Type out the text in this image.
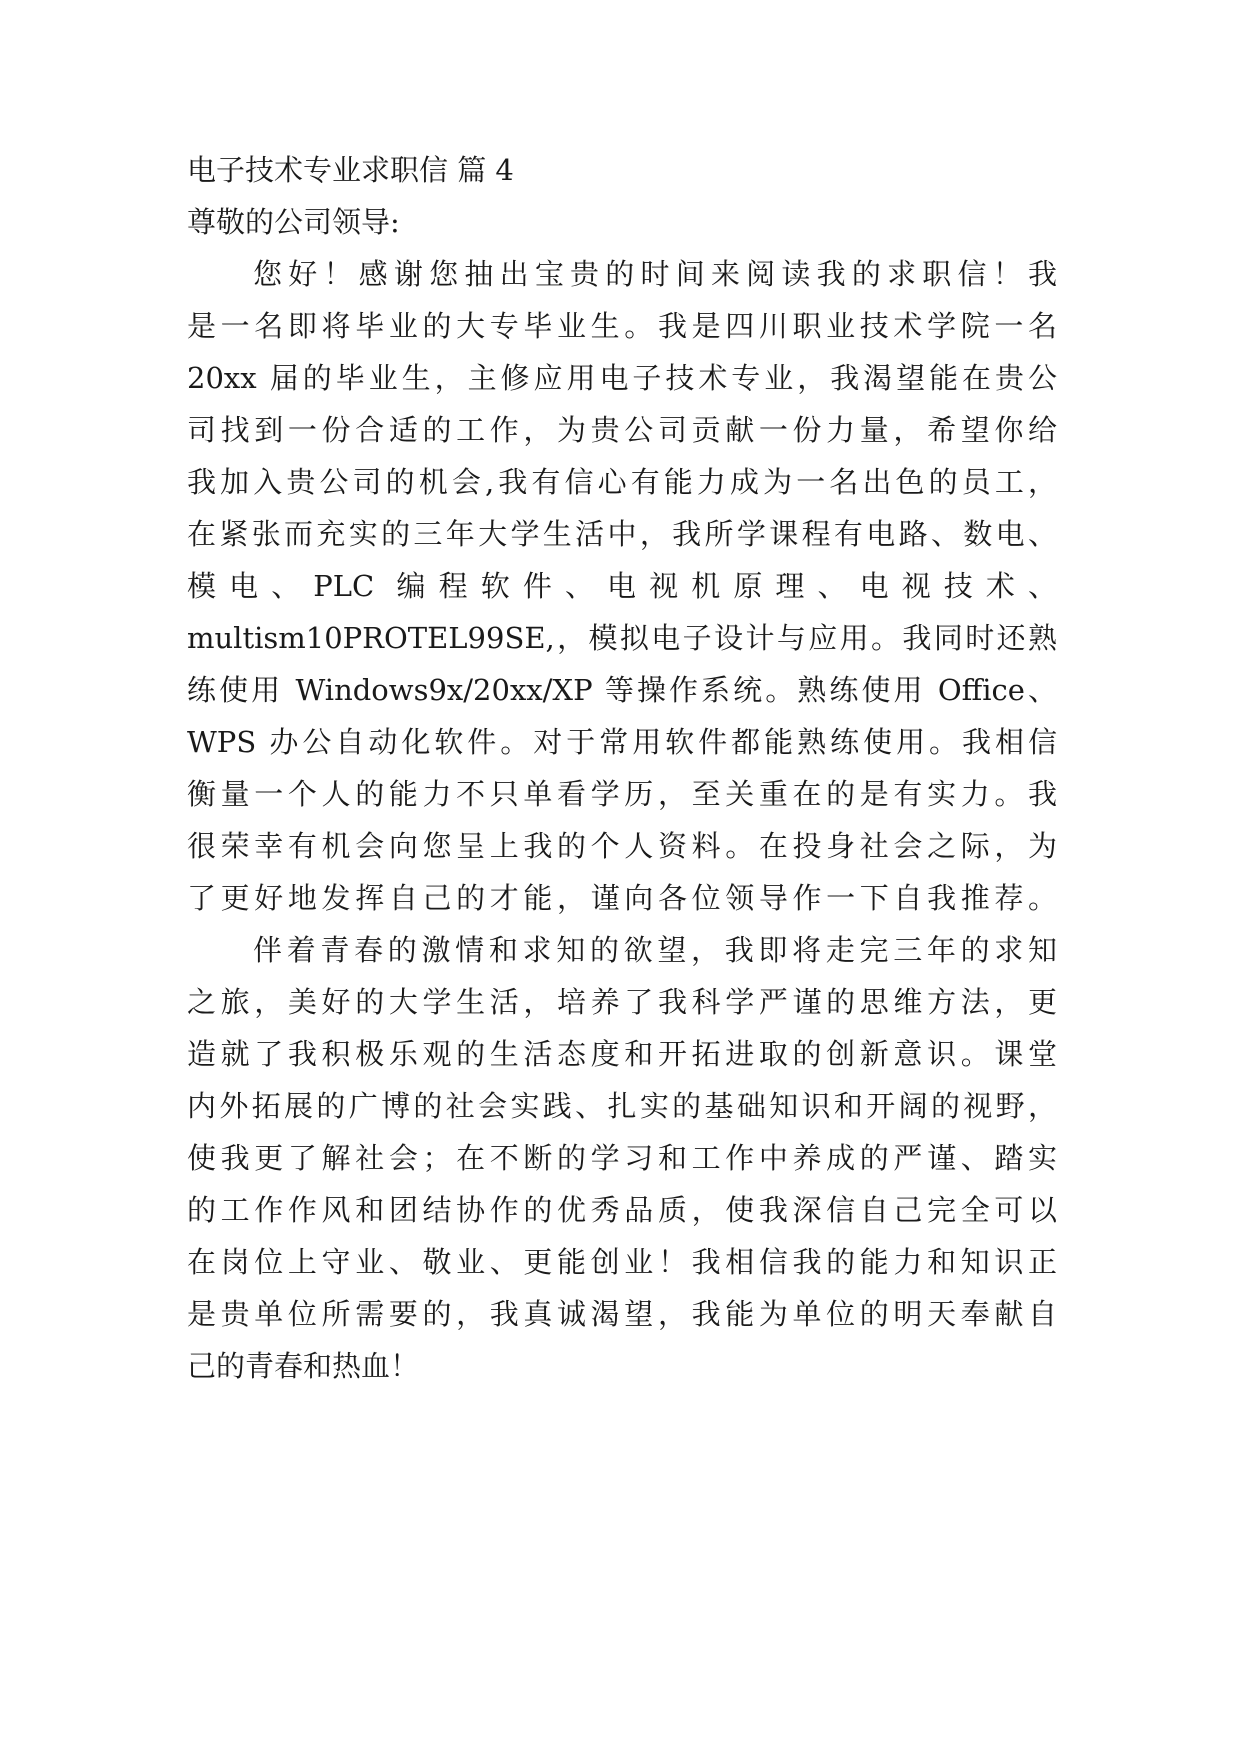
电子技术专业求职信 篇 4
尊敬的公司领导:
您好！感谢您抽出宝贵的时间来阅读我的求职信！我
是一名即将毕业的大专毕业生。我是四川职业技术学院一名
20xx 届的毕业生，主修应用电子技术专业，我渴望能在贵公
司找到一份合适的工作，为贵公司贡献一份力量，希望你给
我加入贵公司的机会,我有信心有能力成为一名出色的员工，
在紧张而充实的三年大学生活中，我所学课程有电路、数电、
模电、PLC 编程软件、电视机原理、电视技术、
multism10PROTEL99SE,，模拟电子设计与应用。我同时还熟
练使用 Windows9x/20xx/XP 等操作系统。熟练使用 Office、
WPS 办公自动化软件。对于常用软件都能熟练使用。我相信
衡量一个人的能力不只单看学历，至关重在的是有实力。我
很荣幸有机会向您呈上我的个人资料。在投身社会之际，为
了更好地发挥自己的才能，谨向各位领导作一下自我推荐。
伴着青春的激情和求知的欲望，我即将走完三年的求知
之旅，美好的大学生活，培养了我科学严谨的思维方法，更
造就了我积极乐观的生活态度和开拓进取的创新意识。课堂
内外拓展的广博的社会实践、扎实的基础知识和开阔的视野，
使我更了解社会；在不断的学习和工作中养成的严谨、踏实
的工作作风和团结协作的优秀品质，使我深信自己完全可以
在岗位上守业、敬业、更能创业！我相信我的能力和知识正
是贵单位所需要的，我真诚渴望，我能为单位的明天奉献自
己的青春和热血！
